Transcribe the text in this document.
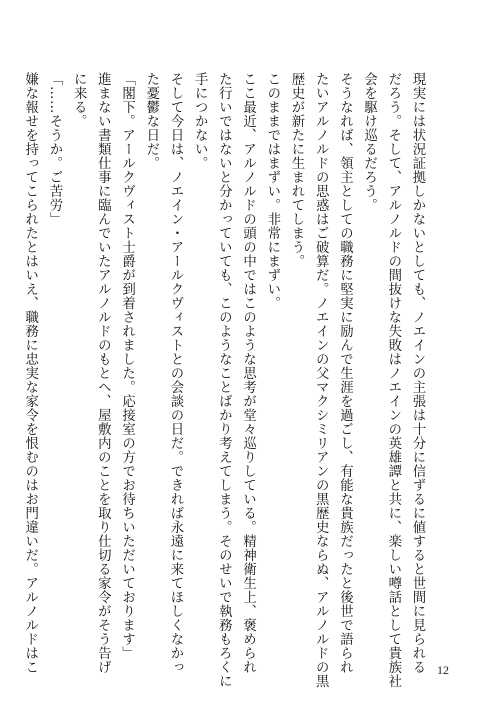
現実には状況証拠しかないとしても、ノエインの主張は十分に信ずるに値すると世間に見られる
だろう。そして、アルノルドの間抜けな失敗はノエインの英雄譚と共に、楽しい噂話として貴族社
会を駆け巡るだろう。
そうなれば、領主としての職務に堅実に励んで生涯を過ごし、有能な貴族だったと後世で語られ
たいアルノルドの思惑はご破算だ。ノエインの父マクシミリアンの黒歴史ならぬ、アルノルドの黒
歴史が新たに生まれてしまう。
このままではまずい。非常にまずい。
ここ最近、アルノルドの頭の中ではこのような思考が堂々巡りしている。精神衛生上、褒められ
た行いではないと分かっていても、このようなことばかり考えてしまう。そのせいで執務もろくに
手につかない。
そして今日は、ノエイン・アールクヴィストとの会談の日だ。できれば永遠に来てほしくなかっ
た憂鬱な日だ。
「閣下。アールクヴィスト士爵が到着されました。応接室の方でお待ちいただいております」
進まない書類仕事に臨んでいたアルノルドのもとへ、屋敷内のことを取り仕切る家令がそう告げ
に来る。
「……そうか。ご苦労」
嫌な報せを持ってこられたとはいえ、職務に忠実な家令を恨むのはお門違いだ。アルノルドはこ	12
